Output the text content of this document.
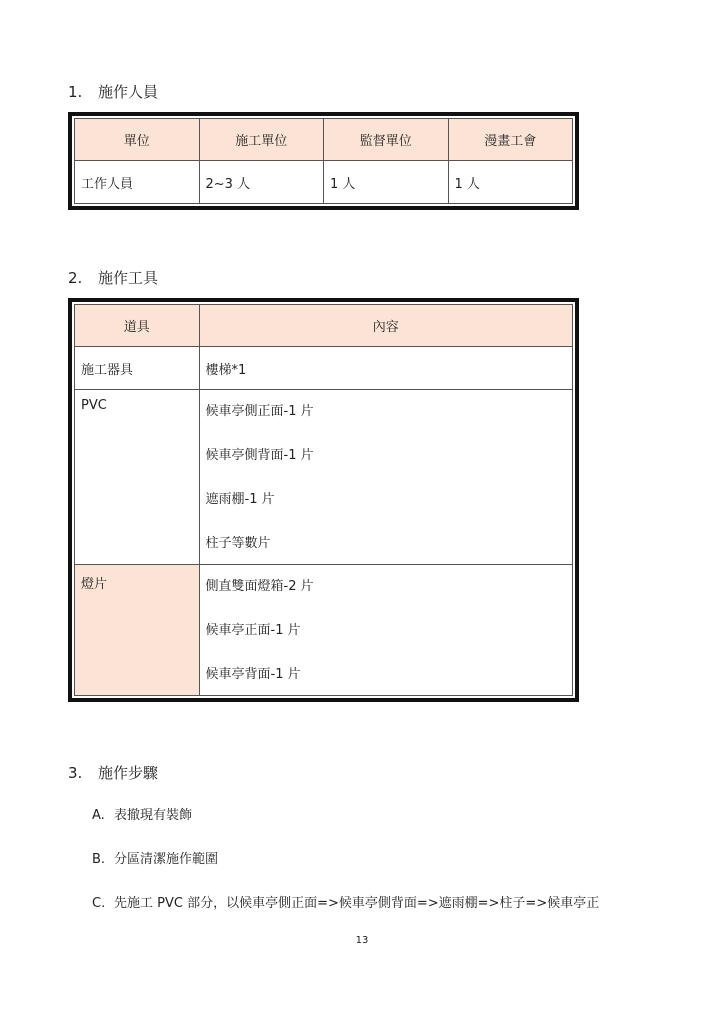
1. 施作人員
單位	施工單位	監督單位	漫畫工會
工作人員	2~3 人	1 人	1 人
2. 施作工具
道具	內容
施工器具	樓梯*1

PVC	候車亭側正面-1 片
候車亭側背面-1 片
遮雨棚-1 片
柱子等數片

燈片	側直雙面燈箱-2 片
候車亭正面-1 片
候車亭背面-1 片
3. 施作步驟
A. 表撤現有裝飾
B. 分區清潔施作範圍
C. 先施工 PVC 部分，以候車亭側正面=>候車亭側背面=>遮雨棚=>柱子=>候車亭正
13
